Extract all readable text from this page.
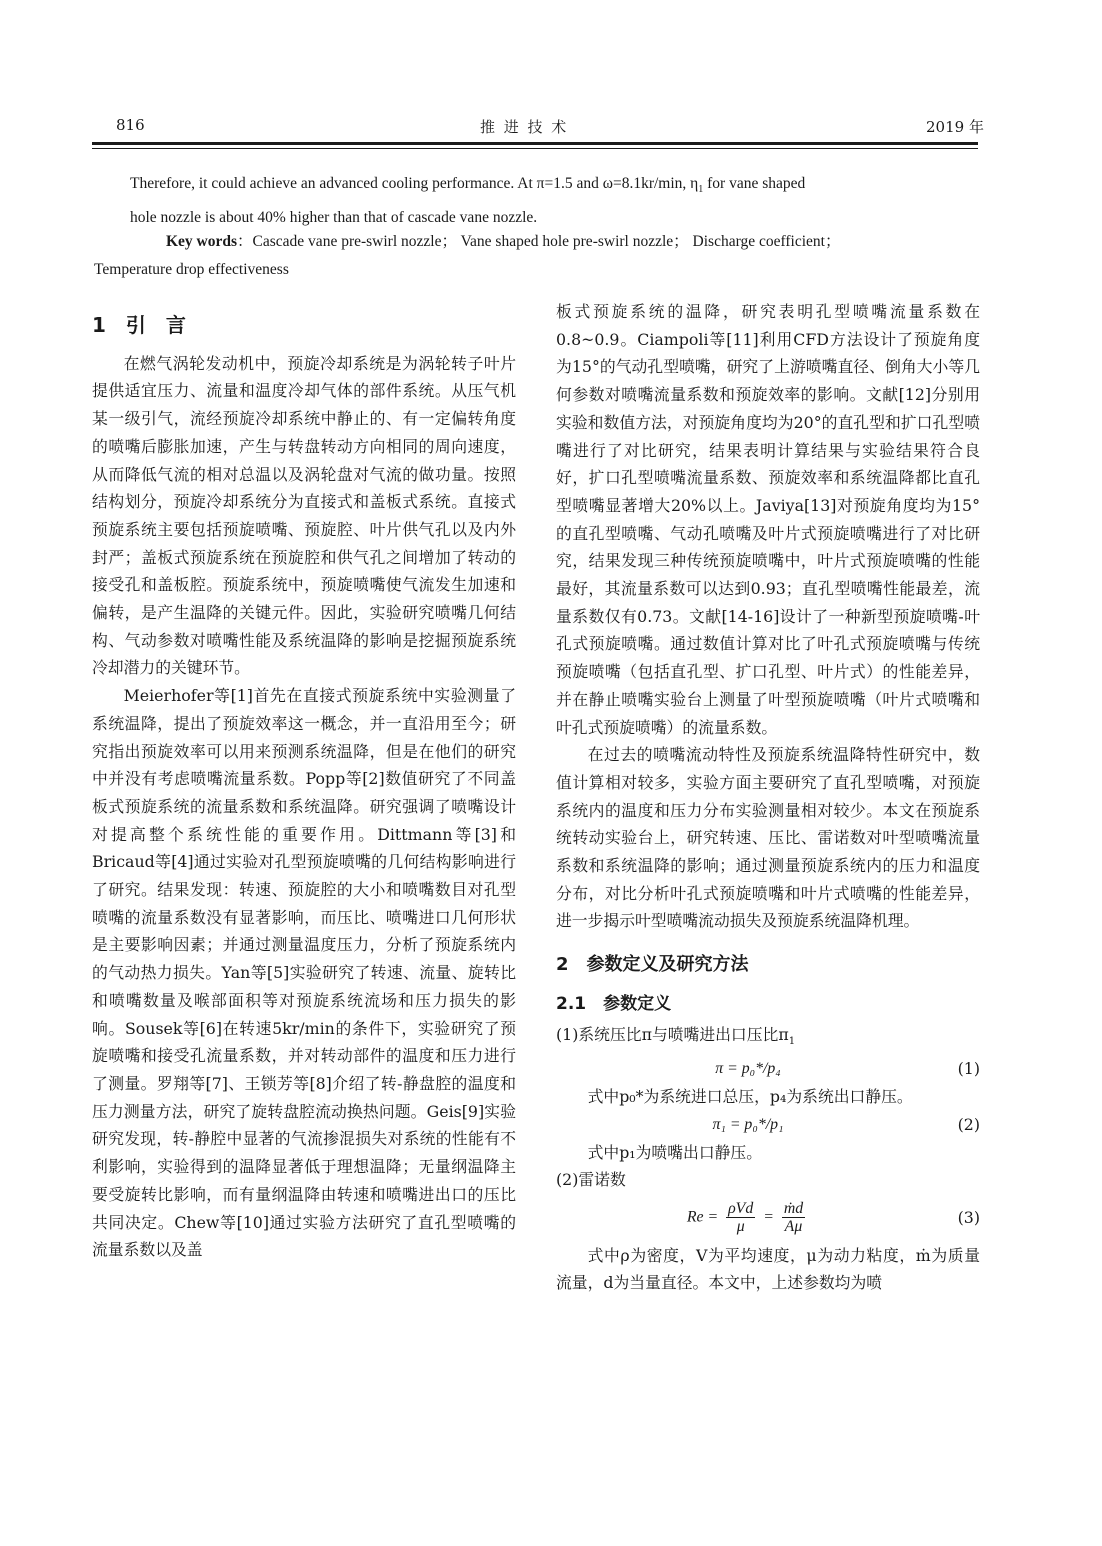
816	推 进 技 术	2019 年

Therefore, it could achieve an advanced cooling performance. At π=1.5 and ω=8.1kr/min, $\eta_1$ for vane shaped
hole nozzle is about 40% higher than that of cascade vane nozzle.

Key words：Cascade vane pre-swirl nozzle； Vane shaped hole pre-swirl nozzle； Discharge coefficient；
Temperature drop effectiveness

1　引　言

在燃气涡轮发动机中，预旋冷却系统是为涡轮转子叶片提供适宜压力、流量和温度冷却气体的部件系统。从压气机某一级引气，流经预旋冷却系统中静止的、有一定偏转角度的喷嘴后膨胀加速，产生与转盘转动方向相同的周向速度，从而降低气流的相对总温以及涡轮盘对气流的做功量。按照结构划分，预旋冷却系统分为直接式和盖板式系统。直接式预旋系统主要包括预旋喷嘴、预旋腔、叶片供气孔以及内外封严；盖板式预旋系统在预旋腔和供气孔之间增加了转动的接受孔和盖板腔。预旋系统中，预旋喷嘴使气流发生加速和偏转，是产生温降的关键元件。因此，实验研究喷嘴几何结构、气动参数对喷嘴性能及系统温降的影响是挖掘预旋系统冷却潜力的关键环节。

Meierhofer等[1]首先在直接式预旋系统中实验测量了系统温降，提出了预旋效率这一概念，并一直沿用至今；研究指出预旋效率可以用来预测系统温降，但是在他们的研究中并没有考虑喷嘴流量系数。Popp等[2]数值研究了不同盖板式预旋系统的流量系数和系统温降。研究强调了喷嘴设计对提高整个系统性能的重要作用。Dittmann等[3]和Bricaud等[4]通过实验对孔型预旋喷嘴的几何结构影响进行了研究。结果发现：转速、预旋腔的大小和喷嘴数目对孔型喷嘴的流量系数没有显著影响，而压比、喷嘴进口几何形状是主要影响因素；并通过测量温度压力，分析了预旋系统内的气动热力损失。Yan等[5]实验研究了转速、流量、旋转比和喷嘴数量及喉部面积等对预旋系统流场和压力损失的影响。Sousek等[6]在转速5kr/min的条件下，实验研究了预旋喷嘴和接受孔流量系数，并对转动部件的温度和压力进行了测量。罗翔等[7]、王锁芳等[8]介绍了转-静盘腔的温度和压力测量方法，研究了旋转盘腔流动换热问题。Geis[9]实验研究发现，转-静腔中显著的气流掺混损失对系统的性能有不利影响，实验得到的温降显著低于理想温降；无量纲温降主要受旋转比影响，而有量纲温降由转速和喷嘴进出口的压比共同决定。Chew等[10]通过实验方法研究了直孔型喷嘴的流量系数以及盖

板式预旋系统的温降，研究表明孔型喷嘴流量系数在0.8~0.9。Ciampoli等[11]利用CFD方法设计了预旋角度为15°的气动孔型喷嘴，研究了上游喷嘴直径、倒角大小等几何参数对喷嘴流量系数和预旋效率的影响。文献[12]分别用实验和数值方法，对预旋角度均为20°的直孔型和扩口孔型喷嘴进行了对比研究，结果表明计算结果与实验结果符合良好，扩口孔型喷嘴流量系数、预旋效率和系统温降都比直孔型喷嘴显著增大20%以上。Javiya[13]对预旋角度均为15°的直孔型喷嘴、气动孔喷嘴及叶片式预旋喷嘴进行了对比研究，结果发现三种传统预旋喷嘴中，叶片式预旋喷嘴的性能最好，其流量系数可以达到0.93；直孔型喷嘴性能最差，流量系数仅有0.73。文献[14-16]设计了一种新型预旋喷嘴-叶孔式预旋喷嘴。通过数值计算对比了叶孔式预旋喷嘴与传统预旋喷嘴（包括直孔型、扩口孔型、叶片式）的性能差异，并在静止喷嘴实验台上测量了叶型预旋喷嘴（叶片式喷嘴和叶孔式预旋喷嘴）的流量系数。

在过去的喷嘴流动特性及预旋系统温降特性研究中，数值计算相对较多，实验方面主要研究了直孔型喷嘴，对预旋系统内的温度和压力分布实验测量相对较少。本文在预旋系统转动实验台上，研究转速、压比、雷诺数对叶型喷嘴流量系数和系统温降的影响；通过测量预旋系统内的压力和温度分布，对比分析叶孔式预旋喷嘴和叶片式喷嘴的性能差异，进一步揭示叶型喷嘴流动损失及预旋系统温降机理。

2　参数定义及研究方法

2.1　参数定义

(1)系统压比π与喷嘴进出口压比$\pi_1$

π = p₀*/p₄	(1)

式中p₀*为系统进口总压，p₄为系统出口静压。

π₁ = p₀*/p₁	(2)

式中p₁为喷嘴出口静压。

(2)雷诺数

$Re = \frac{\text{ρVd}}{\mu} = \frac{\text{ṁd}}{A\mu}$	(3)

式中ρ为密度，V为平均速度，μ为动力粘度，ṁ为质量流量，d为当量直径。本文中，上述参数均为喷
